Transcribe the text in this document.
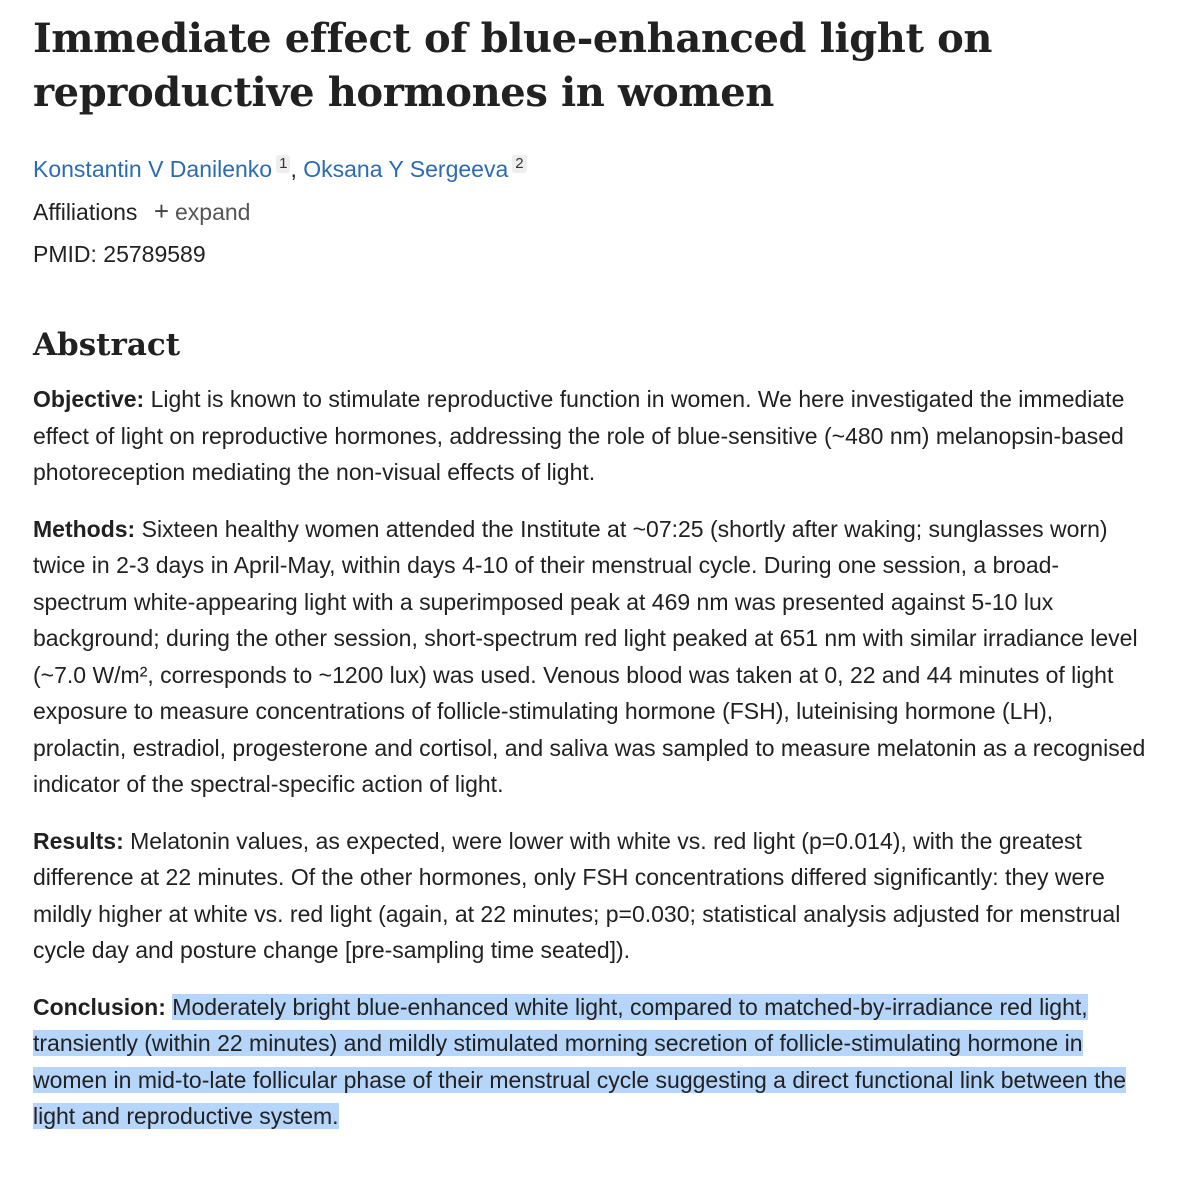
Immediate effect of blue-enhanced light on reproductive hormones in women
Konstantin V Danilenko 1 , Oksana Y Sergeeva 2
Affiliations + expand
PMID: 25789589
Abstract
Objective: Light is known to stimulate reproductive function in women. We here investigated the immediate effect of light on reproductive hormones, addressing the role of blue-sensitive (~480 nm) melanopsin-based photoreception mediating the non-visual effects of light.
Methods: Sixteen healthy women attended the Institute at ~07:25 (shortly after waking; sunglasses worn) twice in 2-3 days in April-May, within days 4-10 of their menstrual cycle. During one session, a broad-spectrum white-appearing light with a superimposed peak at 469 nm was presented against 5-10 lux background; during the other session, short-spectrum red light peaked at 651 nm with similar irradiance level (~7.0 W/m², corresponds to ~1200 lux) was used. Venous blood was taken at 0, 22 and 44 minutes of light exposure to measure concentrations of follicle-stimulating hormone (FSH), luteinising hormone (LH), prolactin, estradiol, progesterone and cortisol, and saliva was sampled to measure melatonin as a recognised indicator of the spectral-specific action of light.
Results: Melatonin values, as expected, were lower with white vs. red light (p=0.014), with the greatest difference at 22 minutes. Of the other hormones, only FSH concentrations differed significantly: they were mildly higher at white vs. red light (again, at 22 minutes; p=0.030; statistical analysis adjusted for menstrual cycle day and posture change [pre-sampling time seated]).
Conclusion: Moderately bright blue-enhanced white light, compared to matched-by-irradiance red light, transiently (within 22 minutes) and mildly stimulated morning secretion of follicle-stimulating hormone in women in mid-to-late follicular phase of their menstrual cycle suggesting a direct functional link between the light and reproductive system.
